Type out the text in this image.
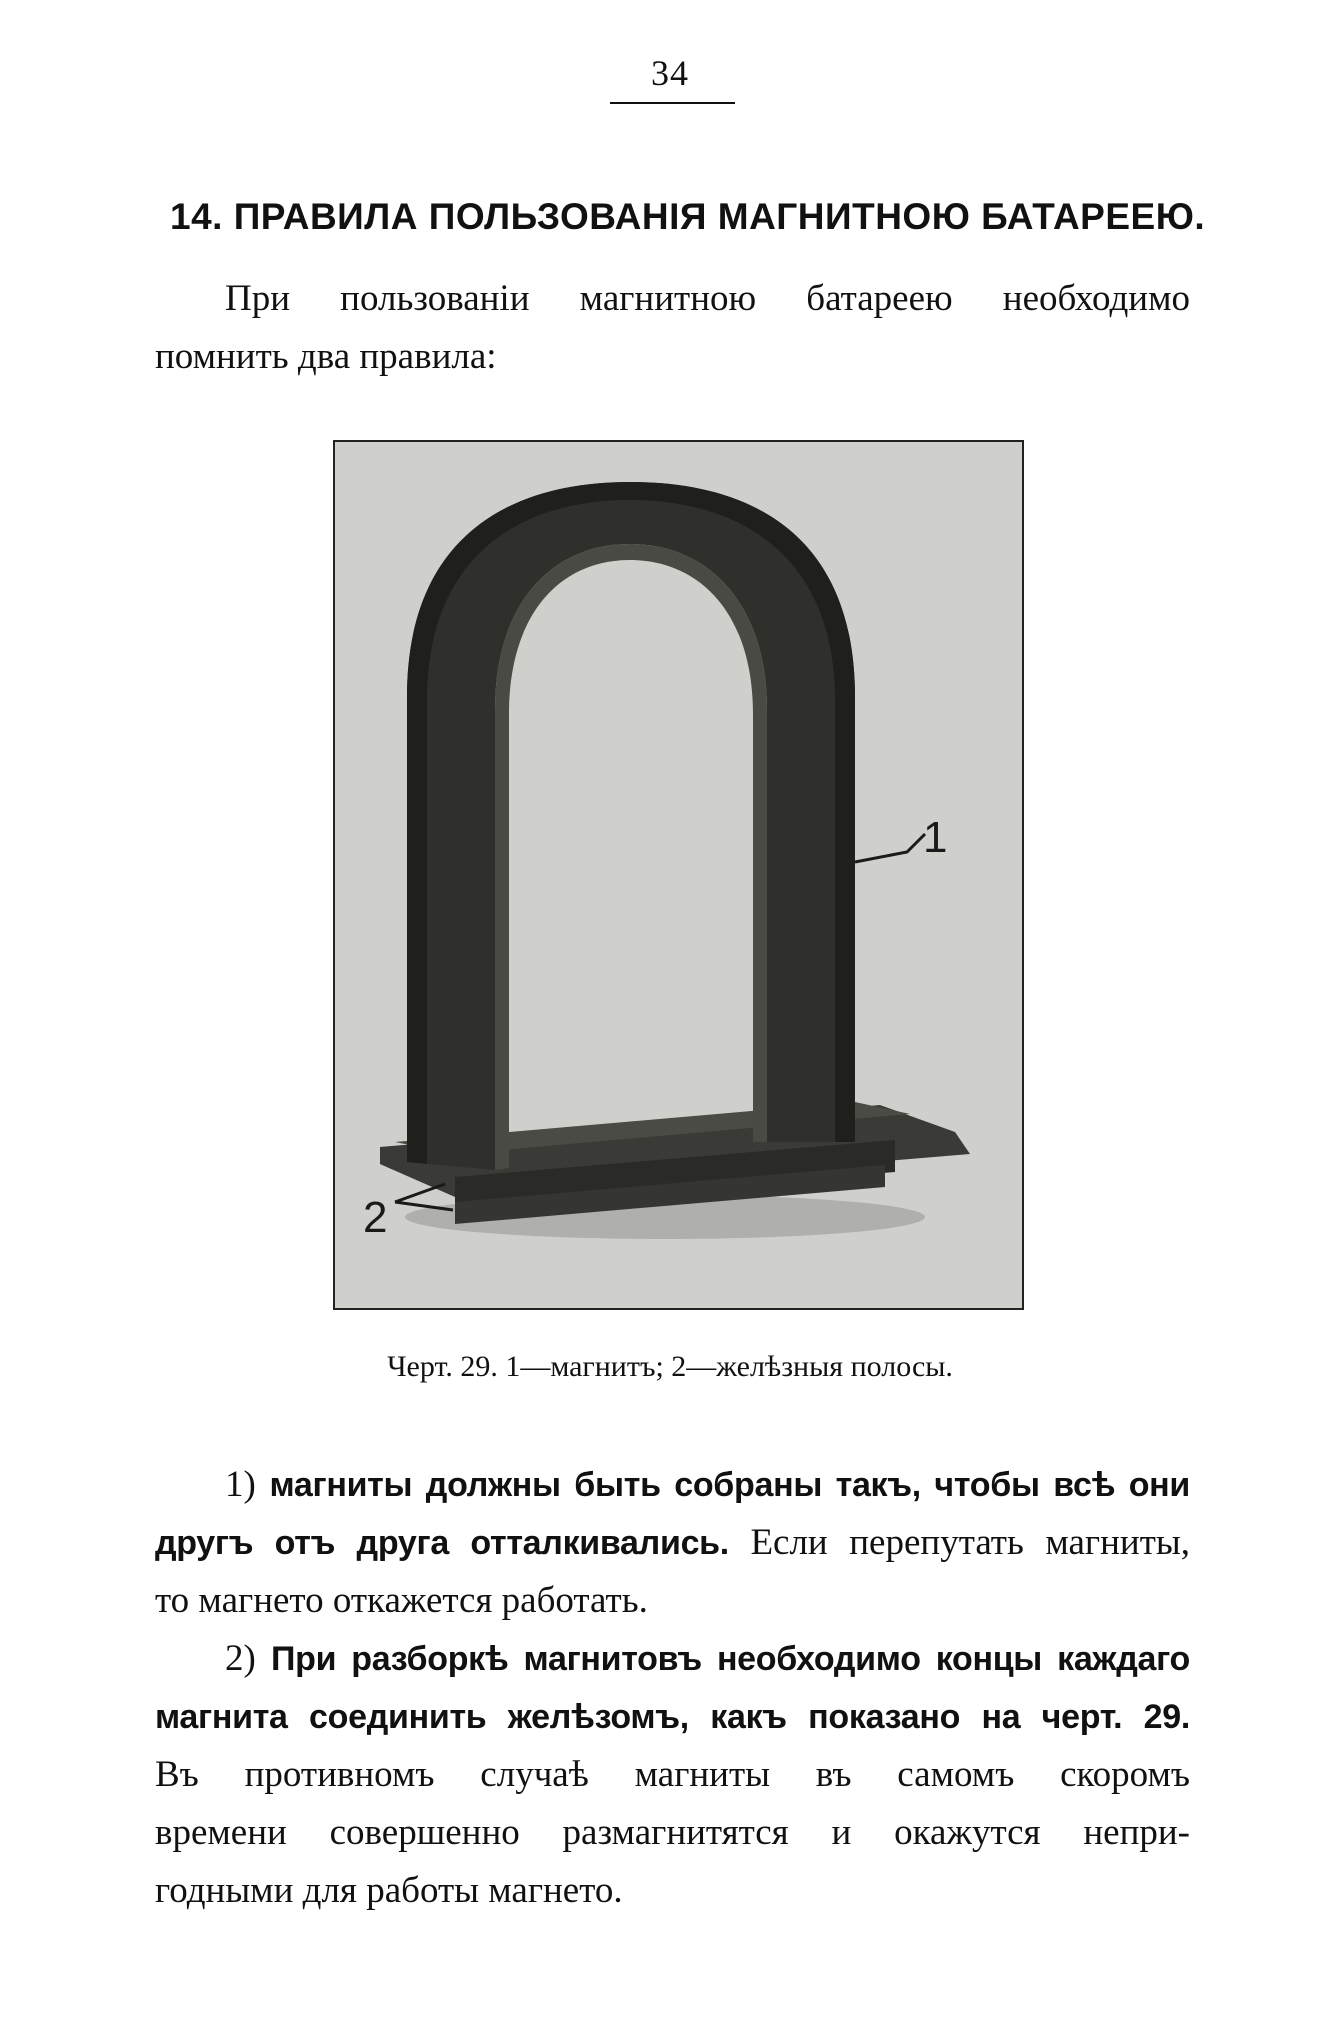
34
14. ПРАВИЛА ПОЛЬЗОВАНІЯ МАГНИТНОЮ БАТАРЕЕЮ.
При пользованіи магнитною батареею необходимо
помнить два правила:
1
2
Черт. 29. 1—магнитъ; 2—желѣзныя полосы.
1) магниты должны быть собраны такъ, чтобы всѣ они
другъ отъ друга отталкивались. Если перепутать магниты,
то магнето откажется работать.
2) При разборкѣ магнитовъ необходимо концы каждаго
магнита соединить желѣзомъ, какъ показано на черт. 29.
Въ противномъ случаѣ магниты въ самомъ скоромъ
времени совершенно размагнитятся и окажутся непри-
годными для работы магнето.
